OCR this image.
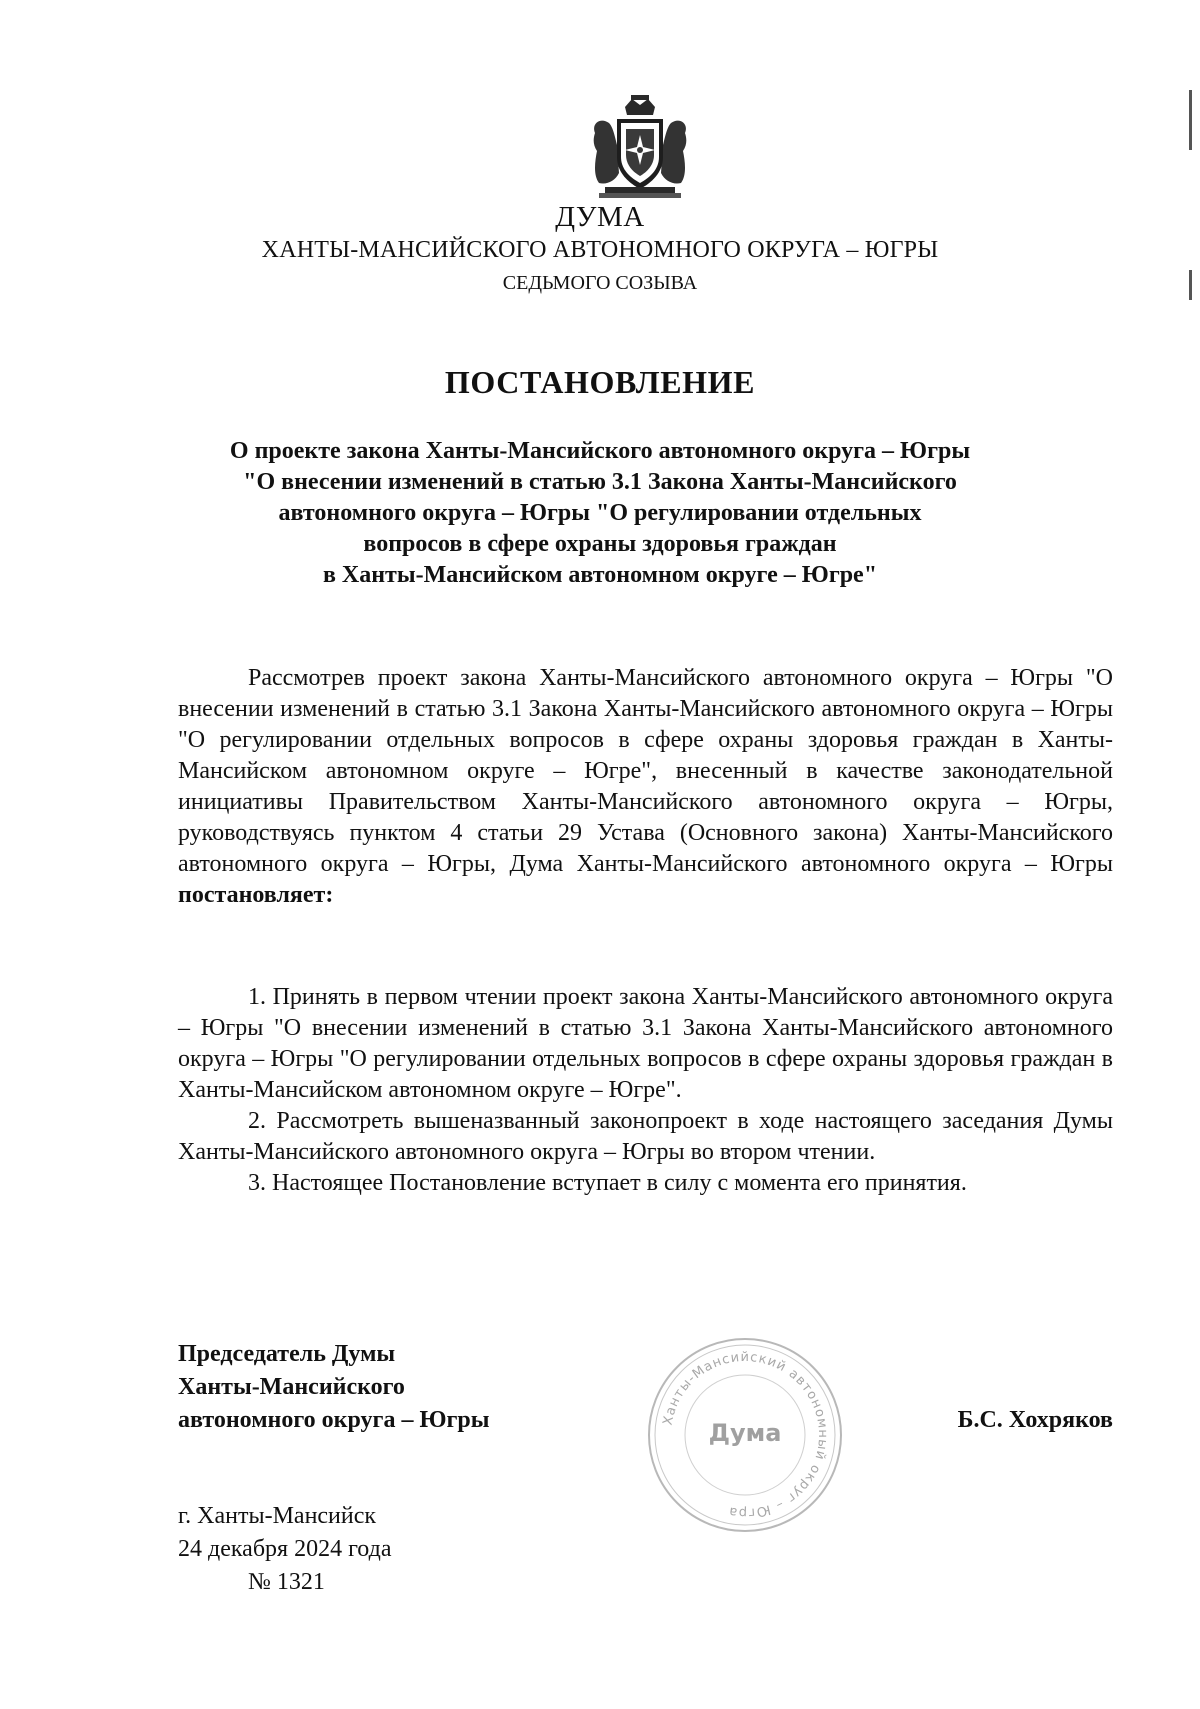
ДУМА
ХАНТЫ-МАНСИЙСКОГО АВТОНОМНОГО ОКРУГА – ЮГРЫ
СЕДЬМОГО СОЗЫВА
ПОСТАНОВЛЕНИЕ
О проекте закона Ханты-Мансийского автономного округа – Югры
"О внесении изменений в статью 3.1 Закона Ханты-Мансийского
автономного округа – Югры "О регулировании отдельных
вопросов в сфере охраны здоровья граждан
в Ханты-Мансийском автономном округе – Югре"

Рассмотрев проект закона Ханты-Мансийского автономного округа – Югры "О внесении изменений в статью 3.1 Закона Ханты-Мансийского автономного округа – Югры "О регулировании отдельных вопросов в сфере охраны здоровья граждан в Ханты-Мансийском автономном округе – Югре", внесенный в качестве законодательной инициативы Правительством Ханты-Мансийского автономного округа – Югры, руководствуясь пунктом 4 статьи 29 Устава (Основного закона) Ханты-Мансийского автономного округа – Югры, Дума Ханты-Мансийского автономного округа – Югры постановляет:

1. Принять в первом чтении проект закона Ханты-Мансийского автономного округа – Югры "О внесении изменений в статью 3.1 Закона Ханты-Мансийского автономного округа – Югры "О регулировании отдельных вопросов в сфере охраны здоровья граждан в Ханты-Мансийском автономном округе – Югре".

2. Рассмотреть вышеназванный законопроект в ходе настоящего заседания Думы Ханты-Мансийского автономного округа – Югры во втором чтении.

3. Настоящее Постановление вступает в силу с момента его принятия.

Председатель Думы
Ханты-Мансийского
автономного округа – Югры	Ханты-Мансийский автономный округ – Югра
Дума	Б.С. Хохряков
г. Ханты-Мансийск
24 декабря 2024 года
№ 1321
